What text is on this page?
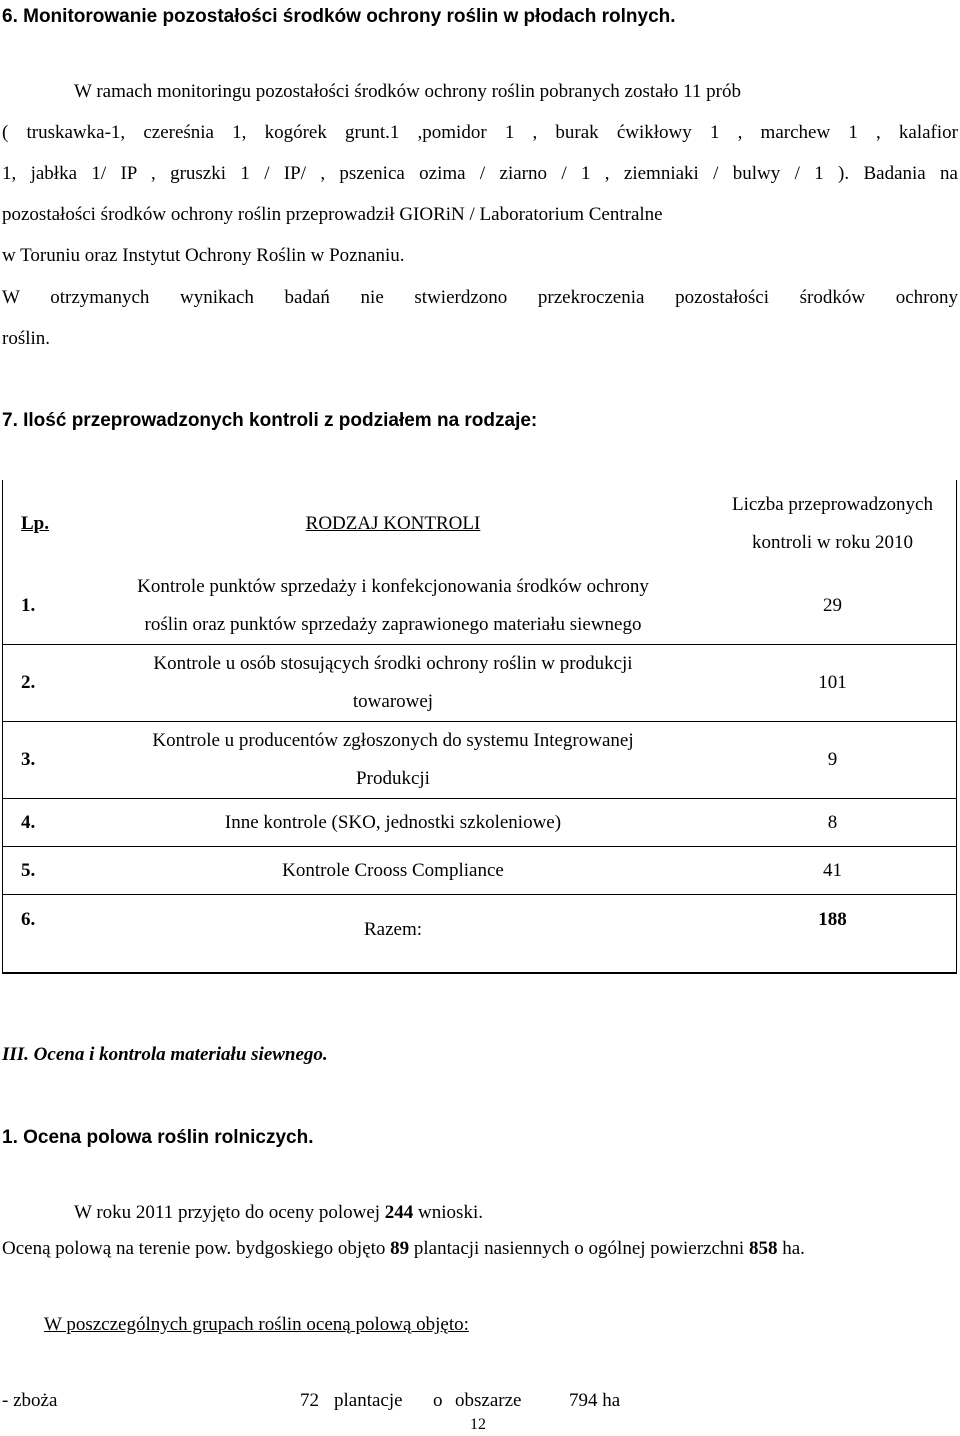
6. Monitorowanie pozostałości środków ochrony roślin w płodach rolnych.
W ramach monitoringu pozostałości środków ochrony roślin pobranych zostało 11 prób
( truskawka-1, czereśnia 1, kogórek grunt.1 ,pomidor 1 , burak ćwikłowy 1 , marchew 1 , kalafior
1, jabłka 1/ IP , gruszki 1 / IP/ , pszenica ozima / ziarno / 1 , ziemniaki / bulwy / 1 ). Badania na
pozostałości środków ochrony roślin przeprowadził GIORiN / Laboratorium Centralne
w Toruniu oraz Instytut Ochrony Roślin w Poznaniu.
W otrzymanych wynikach badań nie stwierdzono przekroczenia pozostałości środków ochrony
roślin.
7. Ilość przeprowadzonych kontroli z podziałem na rodzaje:
Lp.	RODZAJ KONTROLI	Liczba przeprowadzonych
kontroli w roku 2010
1.	Kontrole punktów sprzedaży i konfekcjonowania środków ochrony
roślin oraz punktów sprzedaży zaprawionego materiału siewnego	29
2.	Kontrole u osób stosujących środki ochrony roślin w produkcji
towarowej	101
3.	Kontrole u producentów zgłoszonych do systemu Integrowanej
Produkcji	9
4.	Inne kontrole (SKO, jednostki szkoleniowe)	8
5.	Kontrole Crooss Compliance	41
6.	Razem:	188
III. Ocena i kontrola materiału siewnego.
1. Ocena polowa roślin rolniczych.
W roku 2011 przyjęto do oceny polowej 244 wnioski.
Oceną polową na terenie pow. bydgoskiego objęto 89 plantacji nasiennych o ogólnej powierzchni 858 ha.
W poszczególnych grupach roślin oceną polową objęto:
- zboża	72 plantacje o obszarze	794 ha
12
